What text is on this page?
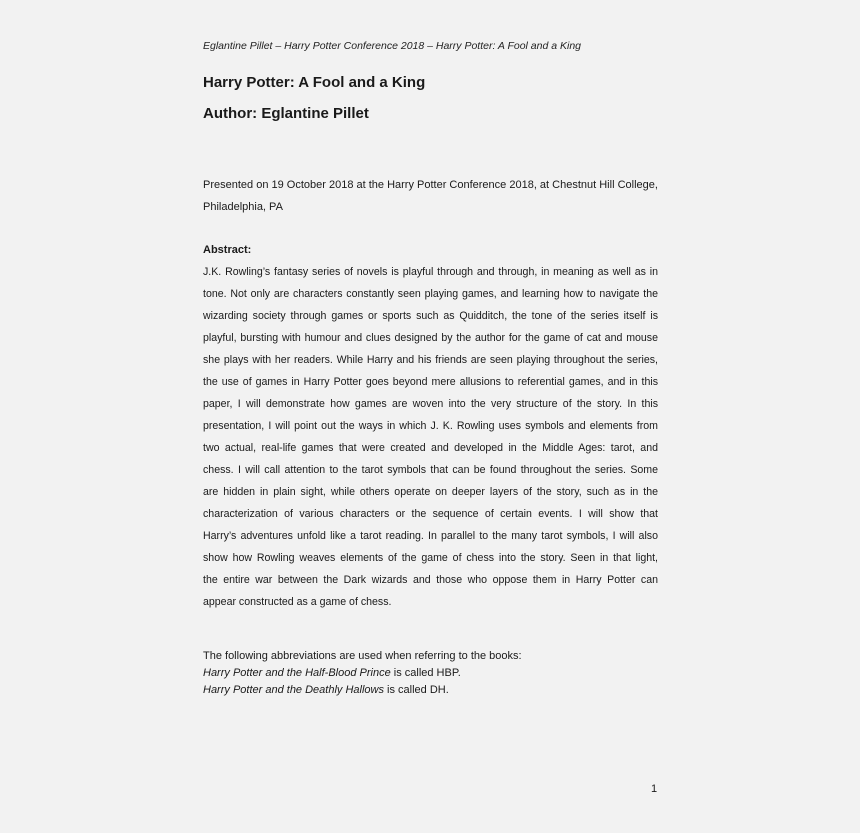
Eglantine Pillet – Harry Potter Conference 2018 – Harry Potter: A Fool and a King
Harry Potter: A Fool and a King
Author: Eglantine Pillet
Presented on 19 October 2018 at the Harry Potter Conference 2018, at Chestnut Hill College, Philadelphia, PA
Abstract:
J.K. Rowling’s fantasy series of novels is playful through and through, in meaning as well as in
tone. Not only are characters constantly seen playing games, and learning how to navigate the
wizarding society through games or sports such as Quidditch, the tone of the series itself is
playful, bursting with humour and clues designed by the author for the game of cat and mouse
she plays with her readers. While Harry and his friends are seen playing throughout the series,
the use of games in Harry Potter goes beyond mere allusions to referential games, and in this
paper, I will demonstrate how games are woven into the very structure of the story. In this
presentation, I will point out the ways in which J. K. Rowling uses symbols and elements from
two actual, real-life games that were created and developed in the Middle Ages: tarot, and
chess. I will call attention to the tarot symbols that can be found throughout the series. Some
are hidden in plain sight, while others operate on deeper layers of the story, such as in the
characterization of various characters or the sequence of certain events. I will show that
Harry’s adventures unfold like a tarot reading. In parallel to the many tarot symbols, I will also
show how Rowling weaves elements of the game of chess into the story. Seen in that light,
the entire war between the Dark wizards and those who oppose them in Harry Potter can
appear constructed as a game of chess.
The following abbreviations are used when referring to the books:
Harry Potter and the Half-Blood Prince is called HBP.
Harry Potter and the Deathly Hallows is called DH.
1
